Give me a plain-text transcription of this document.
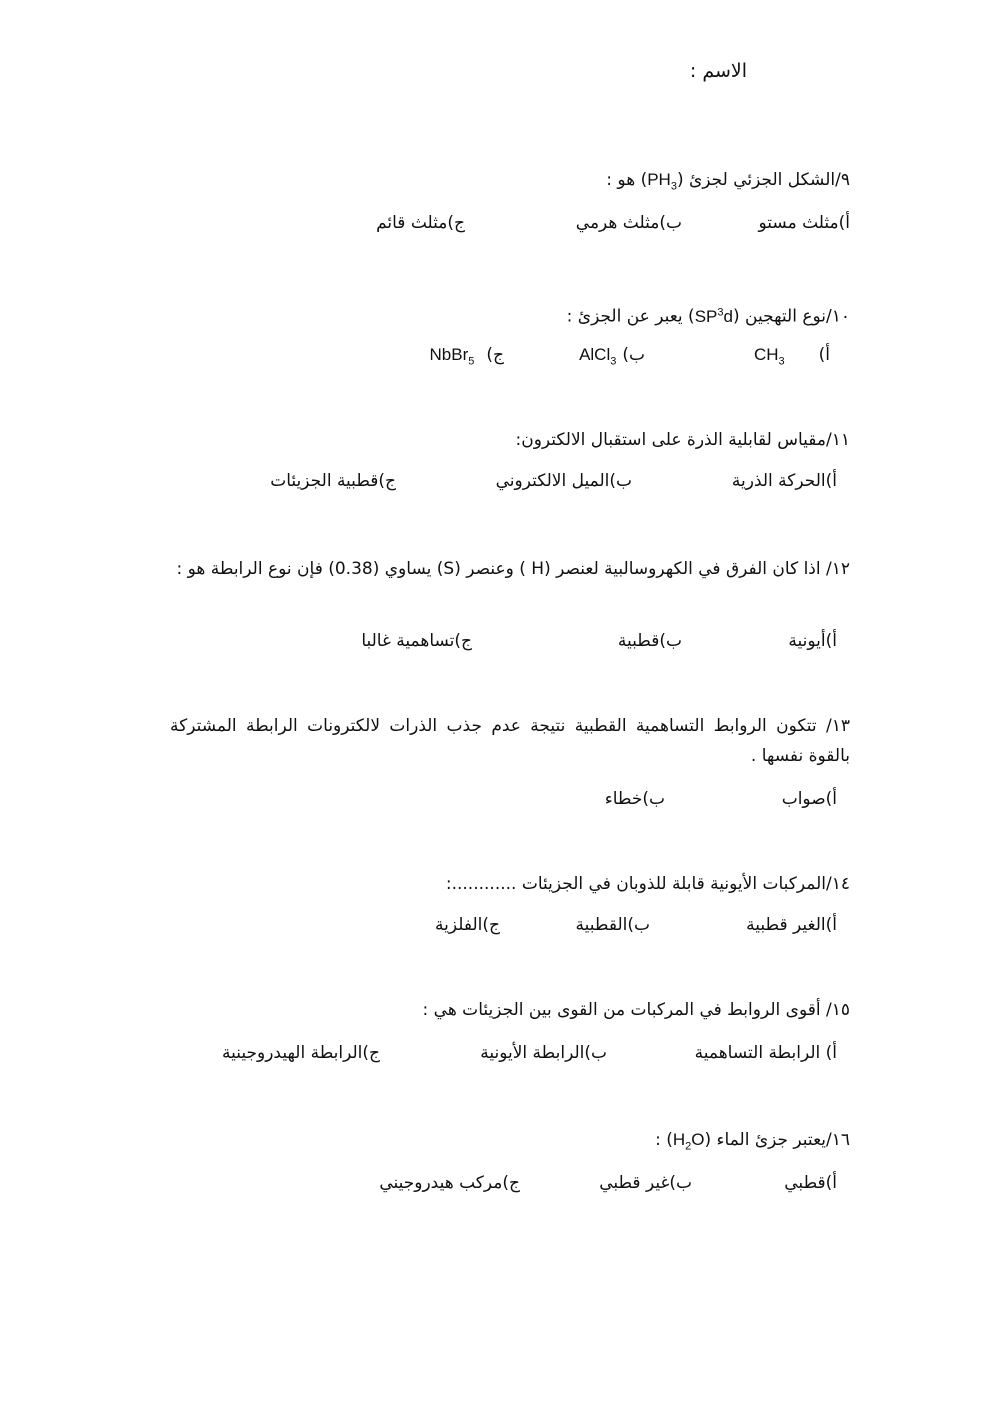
الاسم :
٩/الشكل الجزئي لجزئ $(PH_3)$ هو :
أ)مثلث مستو
ب)مثلث هرمي
ج)مثلث قائم
١٠/نوع التهجين $(SP^3d)$ يعبر عن الجزئ :
$أ)CH_3$
ب)AlCl$_3$
ج)NbBr$_5$
١١/مقياس لقابلية الذرة على استقبال الالكترون:
أ)الحركة الذرية
ب)الميل الالكتروني
ج)قطبية الجزيئات
١٢/ اذا كان الفرق في الكهروسالبية لعنصر (H ) وعنصر (S) يساوي (0.38) فإن نوع الرابطة هو :
أ)أيونية
ب)قطبية
ج)تساهمية غالبا
١٣/ تتكون الروابط التساهمية القطبية نتيجة عدم جذب الذرات لالكترونات الرابطة المشتركة بالقوة نفسها .
أ)صواب
ب)خطاء
١٤/المركبات الأيونية قابلة للذوبان في الجزيئات ............:
أ)الغير قطبية
ب)القطبية
ج)الفلزية
١٥/ أقوى الروابط في المركبات من القوى بين الجزيئات هي :
أ) الرابطة التساهمية
ب)الرابطة الأيونية
ج)الرابطة الهيدروجينية
١٦/يعتبر جزئ الماء $(H_2O)$ :
أ)قطبي
ب)غير قطبي
ج)مركب هيدروجيني
